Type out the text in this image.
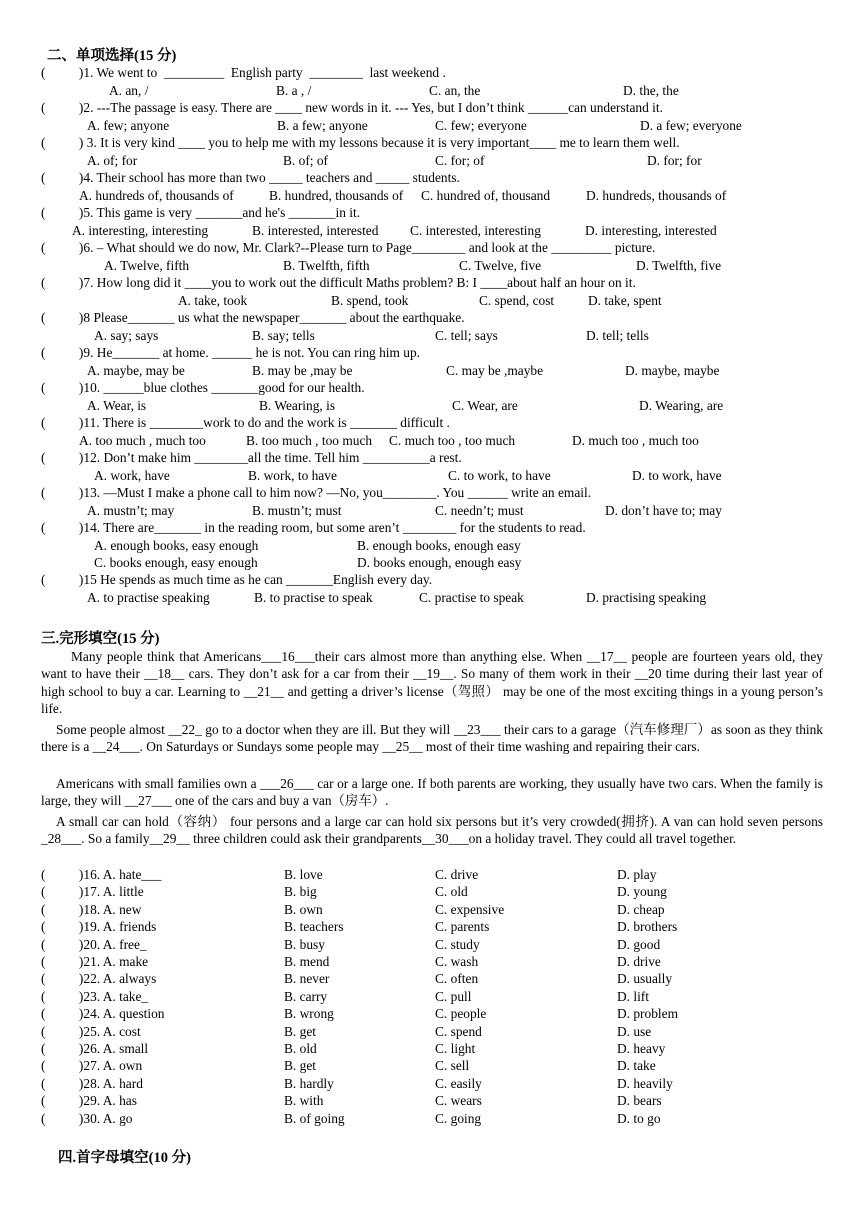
二、单项选择(15 分)
(          )1. We went to  _________  English party  ________  last weekend .
A. an, /	B. a , /	C. an, the	D. the, the
(          )2. ---The passage is easy. There are ____ new words in it. --- Yes, but I don’t think ______can understand it.
A. few; anyone	B. a few; anyone	C. few; everyone	D. a few; everyone
(          ) 3. It is very kind ____ you to help me with my lessons because it is very important____ me to learn them well.
A. of; for	B. of; of	C. for; of	D. for; for
(          )4. Their school has more than two _____ teachers and _____ students.
A. hundreds of, thousands of	B. hundred, thousands of C. hundred of, thousand	D. hundreds, thousands of
(          )5. This game is very _______and he's _______in it.
A. interesting, interesting	B. interested, interested C. interested, interesting	D. interesting, interested
(          )6. – What should we do now, Mr. Clark?--Please turn to Page________ and look at the _________ picture.
A. Twelve, fifth	B. Twelfth, fifth	C. Twelve, five	D. Twelfth, five
(          )7. How long did it ____you to work out the difficult Maths problem? B: I ____about half an hour on it.
A. take, took	B. spend, took	C. spend, cost	D. take, spent
(          )8 Please_______ us what the newspaper_______ about the earthquake.
A. say; says	B. say; tells	C. tell; says	D. tell; tells
(          )9. He_______ at home. ______ he is not. You can ring him up.
A. maybe, may be	B. may be ,may be	C. may be ,maybe	D. maybe, maybe
(          )10. ______blue clothes _______good for our health.
A. Wear, is	B. Wearing, is	C. Wear, are	D. Wearing, are
(          )11. There is ________work to do and the work is _______ difficult .
A. too much , much too	B. too much , too much C. much too , too much	D. much too , much too
(          )12. Don’t make him ________all the time. Tell him __________a rest.
A. work, have	B. work, to have	C. to work, to have	D. to work, have
(          )13. —Must I make a phone call to him now? —No, you________. You ______ write an email.
A. mustn’t; may	B. mustn’t; must	C. needn’t; must	D. don’t have to; may
(          )14. There are_______ in the reading room, but some aren’t ________ for the students to read.
A. enough books, easy enough	B. enough books, enough easy
C. books enough, easy enough	D. books enough, enough easy
(          )15 He spends as much time as he can _______English every day.
A. to practise speaking	B. to practise to speak	C. practise to speak	D. practising speaking
三.完形填空(15 分)
Many people think that Americans___16___their cars almost more than anything else. When __17__ people are fourteen years old, they want to have their __18__ cars. They don’t ask for a car from their __19__. So many of them work in their __20 time during their last year of high school to buy a car. Learning to __21__ and getting a driver’s license（驾照） may be one of the most exciting things in a young person’s life.
Some people almost __22_ go to a doctor when they are ill. But they will __23___ their cars to a garage（汽车修理厂）as soon as they think there is a __24___. On Saturdays or Sundays some people may __25__ most of their time washing and repairing their cars.
Americans with small families own a ___26___ car or a large one. If both parents are working, they usually have two cars. When the family is large, they will __27___ one of the cars and buy a van（房车）.
A small car can hold（容纳） four persons and a large car can hold six persons but it’s very crowded(拥挤). A van can hold seven persons _28___. So a family__29__ three children could ask their grandparents__30___on a holiday travel. They could all travel together.
(          )16. A. hate___	B. love	C. drive	D. play
(          )17. A. little	B. big	C. old	D. young
(          )18. A. new	B. own	C. expensive	D. cheap
(          )19. A. friends	B. teachers	C. parents	D. brothers
(          )20. A. free_	B. busy	C. study	D. good
(          )21. A. make	B. mend	C. wash	D. drive
(          )22. A. always	B. never	C. often	D. usually
(          )23. A. take_	B. carry	C. pull	D. lift
(          )24. A. question	B. wrong	C. people	D. problem
(          )25. A. cost	B. get	C. spend	D. use
(          )26. A. small	B. old	C. light	D. heavy
(          )27. A. own	B. get	C. sell	D. take
(          )28. A. hard	B. hardly	C. easily	D. heavily
(          )29. A. has	B. with	C. wears	D. bears
(          )30. A. go	B. of going	C. going	D. to go
四.首字母填空(10 分)
